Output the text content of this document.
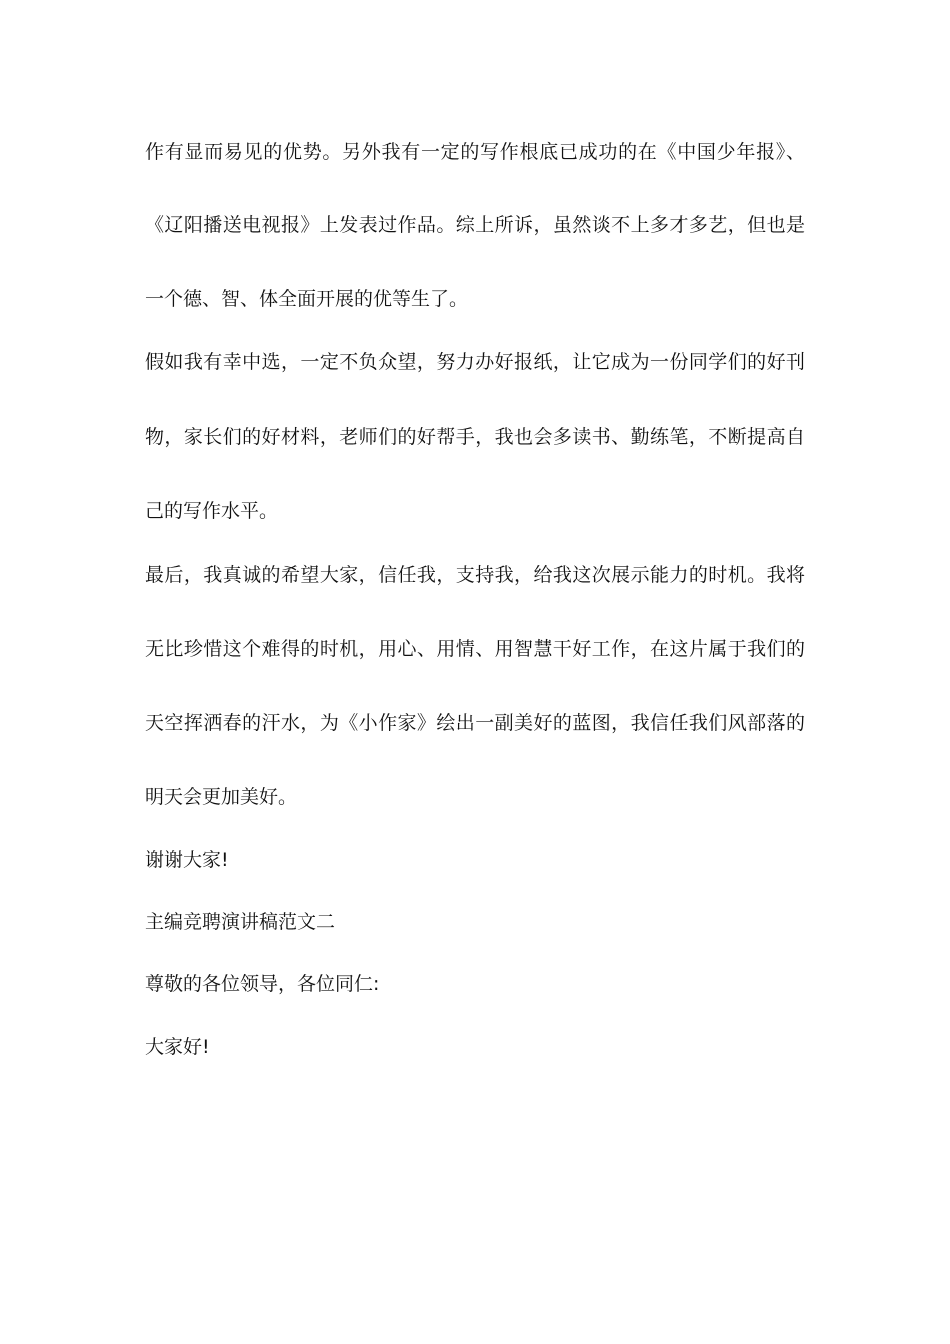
作有显而易见的优势。另外我有一定的写作根底已成功的在《中国少年报》、
《辽阳播送电视报》上发表过作品。综上所诉，虽然谈不上多才多艺，但也是
一个德、智、体全面开展的优等生了。
假如我有幸中选，一定不负众望，努力办好报纸，让它成为一份同学们的好刊
物，家长们的好材料，老师们的好帮手，我也会多读书、勤练笔，不断提高自
己的写作水平。
最后，我真诚的希望大家，信任我，支持我，给我这次展示能力的时机。我将
无比珍惜这个难得的时机，用心、用情、用智慧干好工作，在这片属于我们的
天空挥洒春的汗水，为《小作家》绘出一副美好的蓝图，我信任我们风部落的
明天会更加美好。
谢谢大家!
主编竞聘演讲稿范文二
尊敬的各位领导，各位同仁:
大家好!
